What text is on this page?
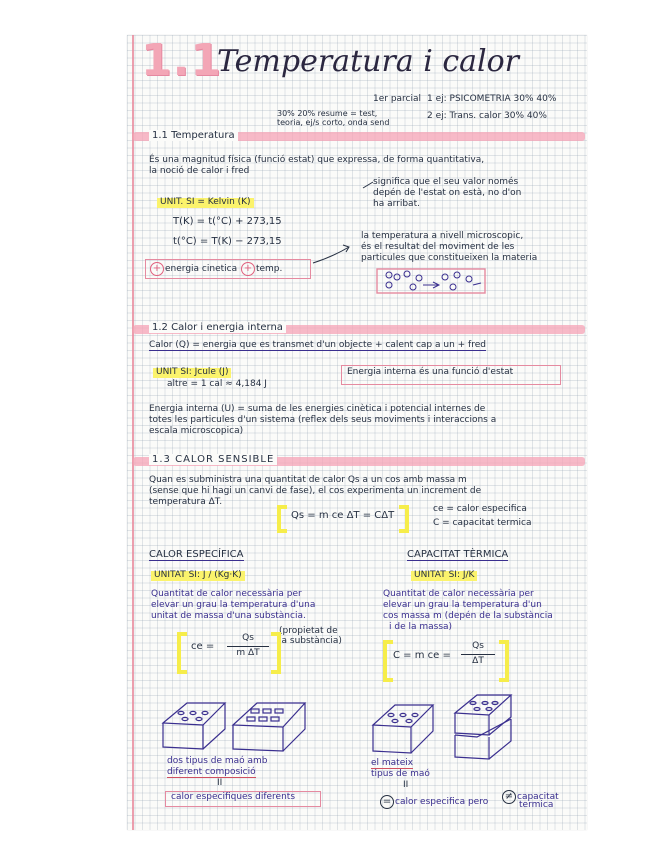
1.1
Temperatura i calor
1er parcial 1 ej: PSICOMETRIA 30% 40%
30% 20% resume = test,
teoria, ej/s corto, onda send
2 ej: Trans. calor 30% 40%
1.1 Temperatura
És una magnitud física (funció estat) que expressa, de forma quantitativa,
la noció de calor i fred
significa que el seu valor només
depén de l'estat on està, no d'on
ha arribat.
UNIT. SI = Kelvin (K)
T(K) = t(°C) + 273,15
t(°C) = T(K) − 273,15
+ energia cinetica + temp.
la temperatura a nivell microscopic,
és el resultat del moviment de les
particules que constitueixen la materia
1.2 Calor i energia interna
Calor (Q) = energia que es transmet d'un objecte + calent cap a un + fred
UNIT SI: Jcule (J)
altre = 1 cal ≈ 4,184 J
Energia interna és una funció d'estat
Energia interna (U) = suma de les energies cinètica i potencial internes de
totes les particules d'un sistema (reflex dels seus moviments i interaccions a
escala microscopica)
1.3 CALOR SENSIBLE
Quan es subministra una quantitat de calor Qs a un cos amb massa m
(sense que hi hagi un canvi de fase), el cos experimenta un increment de
temperatura ΔT.
Qs = m ce ΔT = CΔT
ce = calor especifica
C = capacitat termica
CALOR ESPECÍFICA
UNITAT SI: J / (Kg·K)
Quantitat de calor necessària per
elevar un grau la temperatura d'una
unitat de massa d'una substància.
(propietat de
la substància)
ce =
Qs
m ΔT
CAPACITAT TÈRMICA
UNITAT SI: J/K
Quantitat de calor necessària per
elevar un grau la temperatura d'un
cos massa m (depén de la substància
i de la massa)
C = m ce =
Qs
ΔT
dos tipus de maó amb
diferent composició
II
calor especifiques diferents
el mateix
tipus de maó
II
= calor especifica pero	≠ capacitat
termica
